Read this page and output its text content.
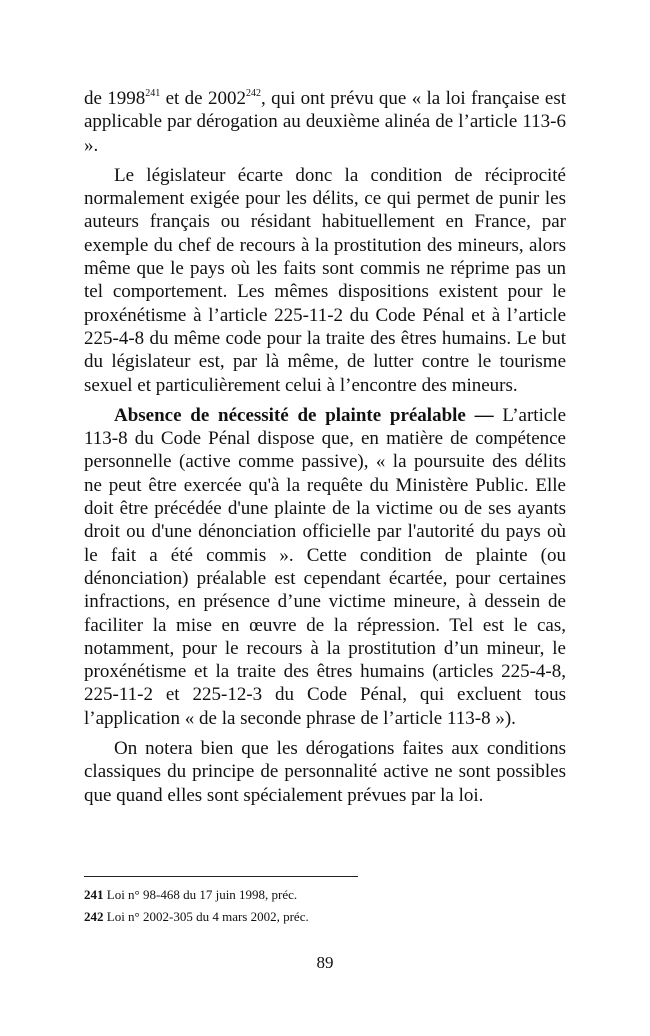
de 1998$^{241}$ et de 2002$^{242}$, qui ont prévu que « la loi française est applicable par dérogation au deuxième alinéa de l’article 113-6 ».

Le législateur écarte donc la condition de réciprocité normalement exigée pour les délits, ce qui permet de punir les auteurs français ou résidant habituellement en France, par exemple du chef de recours à la prostitution des mineurs, alors même que le pays où les faits sont commis ne réprime pas un tel comportement. Les mêmes dispositions existent pour le proxénétisme à l’article 225-11-2 du Code Pénal et à l’article 225-4-8 du même code pour la traite des êtres humains. Le but du législateur est, par là même, de lutter contre le tourisme sexuel et particulièrement celui à l’encontre des mineurs.

Absence de nécessité de plainte préalable — L’article 113-8 du Code Pénal dispose que, en matière de compétence personnelle (active comme passive), « la poursuite des délits ne peut être exercée qu'à la requête du Ministère Public. Elle doit être précédée d'une plainte de la victime ou de ses ayants droit ou d'une dénonciation officielle par l'autorité du pays où le fait a été commis ». Cette condition de plainte (ou dénonciation) préalable est cependant écartée, pour certaines infractions, en présence d’une victime mineure, à dessein de faciliter la mise en œuvre de la répression. Tel est le cas, notamment, pour le recours à la prostitution d’un mineur, le proxénétisme et la traite des êtres humains (articles 225-4-8, 225-11-2 et 225-12-3 du Code Pénal, qui excluent tous l’application « de la seconde phrase de l’article 113-8 »).

On notera bien que les dérogations faites aux conditions classiques du principe de personnalité active ne sont possibles que quand elles sont spécialement prévues par la loi.

241 Loi n° 98-468 du 17 juin 1998, préc.

242 Loi n° 2002-305 du 4 mars 2002, préc.

89
